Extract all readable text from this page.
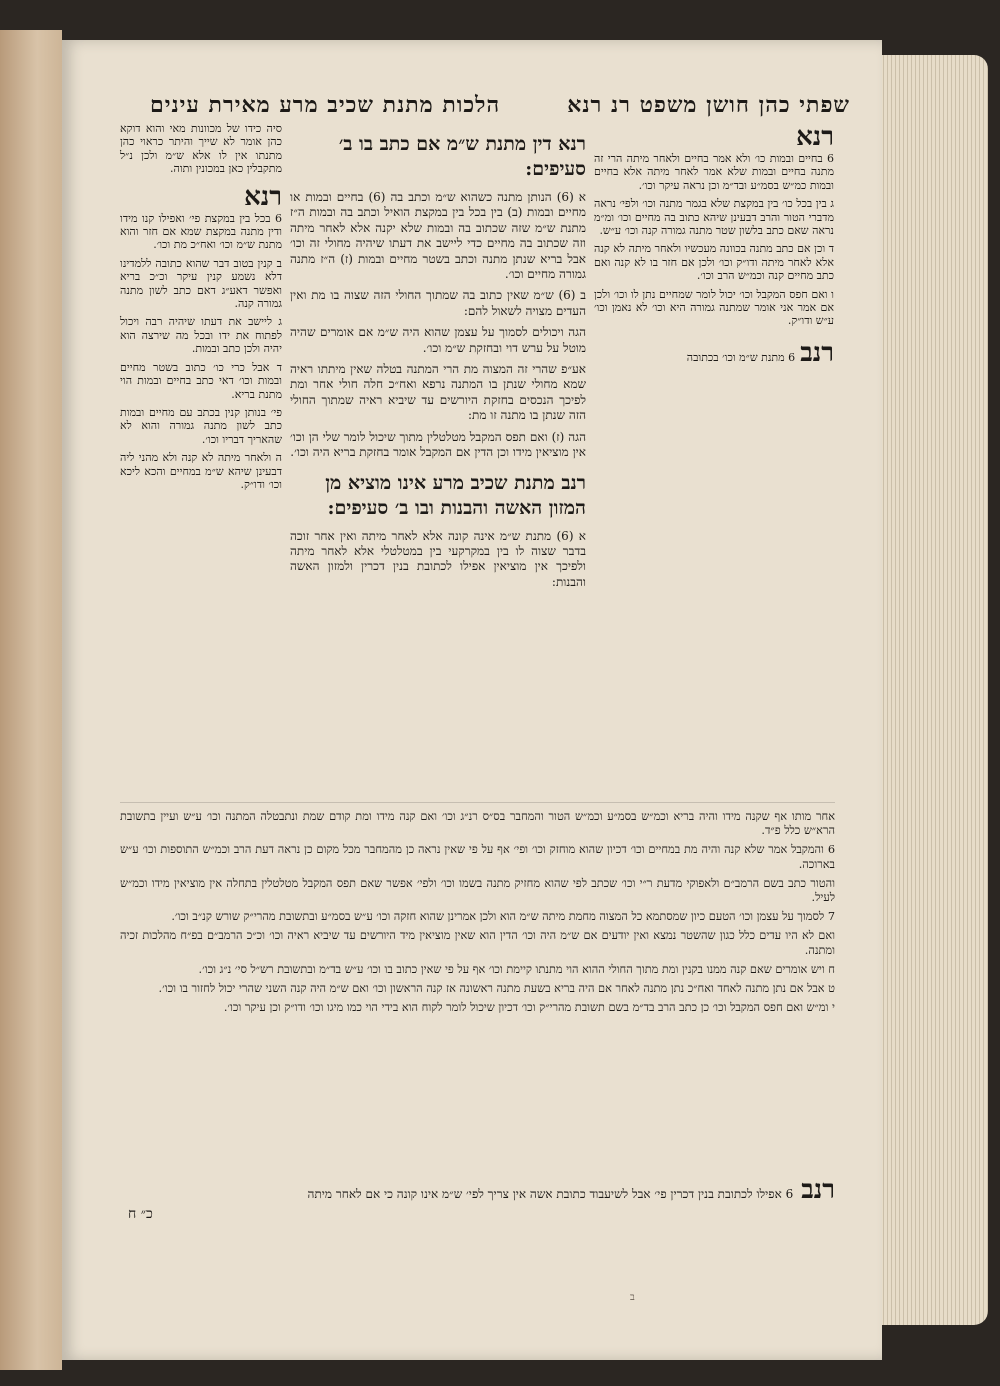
שפתי כהן חושן משפט רנ רנא
הלכות מתנת שכיב מרע מאירת עינים
רנא

6 בחיים ובמות כו׳ ולא אמר בחיים ולאחר מיתה הרי זה מתנה בחיים ובמות שלא אמר לאחר מיתה אלא בחיים ובמות כמ״ש בסמ״ע ובד״מ וכן נראה עיקר וכו׳.

ג בין בכל כו׳ בין במקצת שלא בגמר מתנה וכו׳ ולפי׳ נראה מדברי הטור והרב דבעינן שיהא כתוב בה מחיים וכו׳ ומ״מ נראה שאם כתב בלשון שטר מתנה גמורה קנה וכו׳ ע״ש.

ד וכן אם כתב מתנה בכוונה מעכשיו ולאחר מיתה לא קנה אלא לאחר מיתה ודו״ק וכו׳ ולכן אם חזר בו לא קנה ואם כתב מחיים קנה וכמ״ש הרב וכו׳.

ו ואם חפס המקבל וכו׳ יכול לומר שמחיים נתן לו וכו׳ ולכן אם אמר אני אומר שמתנה גמורה היא וכו׳ לא נאמן וכו׳ ע״ש ודו״ק.

רנב 6 מתנת ש״מ וכו׳ בכתובה
רנא דין מתנת ש״מ אם כתב בו ב׳ סעיפים:

א (6) הנותן מתנה כשהוא ש״מ וכתב בה (6) בחיים ובמות או מחיים ובמות (ב) בין בכל בין במקצת הואיל וכתב בה ובמות ה״ז מתנת ש״מ שזה שכתוב בה ובמות שלא יקנה אלא לאחר מיתה וזה שכתוב בה מחיים כדי ליישב את דעתו שיהיה מחולי זה וכו׳ אבל בריא שנתן מתנה וכתב בשטר מחיים ובמות (ז) ה״ז מתנה גמורה מחיים וכו׳.

ב (6) ש״מ שאין כתוב בה שמתוך החולי הזה שצוה בו מת ואין העדים מצויה לשאול להם:

הגה ויכולים לסמוך על עצמן שהוא היה ש״מ אם אומרים שהיה מוטל על ערש דוי ובחזקת ש״מ וכו׳.

אע״פ שהרי זה המצוה מת הרי המתנה בטלה שאין מיתתו ראיה שמא מחולי שנתן בו המתנה נרפא ואח״כ חלה חולי אחר ומת לפיכך הנכסים בחזקת היורשים עד שיביא ראיה שמתוך החולי הזה שנתן בו מתנה זו מת:

הגה (ז) ואם תפס המקבל מטלטלין מתוך שיכול לומר שלי הן וכו׳ אין מוציאין מידו וכן הדין אם המקבל אומר בחזקת בריא היה וכו׳.

רנב מתנת שכיב מרע אינו מוציא מן המזון האשה והבנות ובו ב׳ סעיפים:

א (6) מתנת ש״מ אינה קונה אלא לאחר מיתה ואין אחר זוכה בדבר שצוה לו בין במקרקעי בין במטלטלי אלא לאחר מיתה ולפיכך אין מוציאין אפילו לכתובת בנין דכרין ולמזון האשה והבנות:

סיה כידו של מכוונות מאי והוא דוקא כהן אומר לא שייך והיתר כראוי כהן מתנתו אין לו אלא ש״מ ולכן נ״ל מתקבלין כאן במכונין ותוה.

רנא

6 בכל בין במקצת פי׳ ואפילו קנו מידו ודין מתנה במקצת שמא אם חזר והוא מתנת ש״מ וכו׳ ואח״כ מת וכו׳.

ב קנין בטוב דבר שהוא כתובה ללמדינו דלא נשמע קנין עיקר וכ״כ בריא ואפשר דאע״ג דאם כתב לשון מתנה גמורה קנה.

ג ליישב את דעתו שיהיה רבה ויכול לפתוח את ידו ובכל מה שירצה הוא יהיה ולכן כתב ובמות.

ד אבל כרי כו׳ כתוב בשטר מחיים ובמות וכו׳ דאי כתב בחיים ובמות הוי מתנת בריא.

פי׳ בנותן קנין בכתב עם מחיים ובמות כתב לשון מתנה גמורה והוא לא שהאריך דבריו וכו׳.

ה ולאחר מיתה לא קנה ולא מהני ליה דבעינן שיהא ש״מ במחיים והכא ליכא וכו׳ ודו״ק.

אחר מותו אף שקנה מידו והיה בריא וכמ״ש בסמ״ע וכמ״ש הטור והמחבר בס״ס רנ״ג וכו׳ ואם קנה מידו ומת קודם שמת ונתבטלה המתנה וכו׳ ע״ש ועיין בתשובת הרא״ש כלל פ״ד.

6 והמקבל אמר שלא קנה והיה מת במחיים וכו׳ דכיון שהוא מוחזק וכו׳ ופי׳ אף על פי שאין נראה כן מהמחבר מכל מקום כן נראה דעת הרב וכמ״ש התוספות וכו׳ ע״ש בארוכה.

והטור כתב בשם הרמב״ם ולאפוקי מדעת ר״י וכו׳ שכתב לפי שהוא מחזיק מתנה בשמו וכו׳ ולפי׳ אפשר שאם תפס המקבל מטלטלין בתחלה אין מוציאין מידו וכמ״ש לעיל.

7 לסמוך על עצמן וכו׳ הטעם כיון שמסתמא כל המצוה מחמת מיתה ש״מ הוא ולכן אמרינן שהוא חזקה וכו׳ ע״ש בסמ״ע ובתשובת מהרי״ק שורש קנ״ב וכו׳.

ואם לא היו עדים כלל כגון שהשטר נמצא ואין יודעים אם ש״מ היה וכו׳ הדין הוא שאין מוציאין מיד היורשים עד שיביא ראיה וכו׳ וכ״כ הרמב״ם בפ״ח מהלכות זכיה ומתנה.

ח ויש אומרים שאם קנה ממנו בקנין ומת מתוך החולי ההוא הוי מתנתו קיימת וכו׳ אף על פי שאין כתוב בו וכו׳ ע״ש בד״מ ובתשובת רש״ל סי׳ נ״ג וכו׳.

ט אבל אם נתן מתנה לאחד ואח״כ נתן מתנה לאחר אם היה בריא בשעת מתנה ראשונה אז קנה הראשון וכו׳ ואם ש״מ היה קנה השני שהרי יכול לחזור בו וכו׳.

י ומ״ש ואם חפס המקבל וכו׳ כן כתב הרב בד״מ בשם תשובת מהרי״ק וכו׳ דכיון שיכול לומר לקוח הוא בידי הוי כמו מיגו וכו׳ ודו״ק וכן עיקר וכו׳.

רנב
6 אפילו לכתובת בנין דכרין פי׳ אבל לשיעבוד כתובת אשה אין צריך לפי׳ ש״מ אינו קונה כי אם לאחר מיתה
כ״ ח
ב
